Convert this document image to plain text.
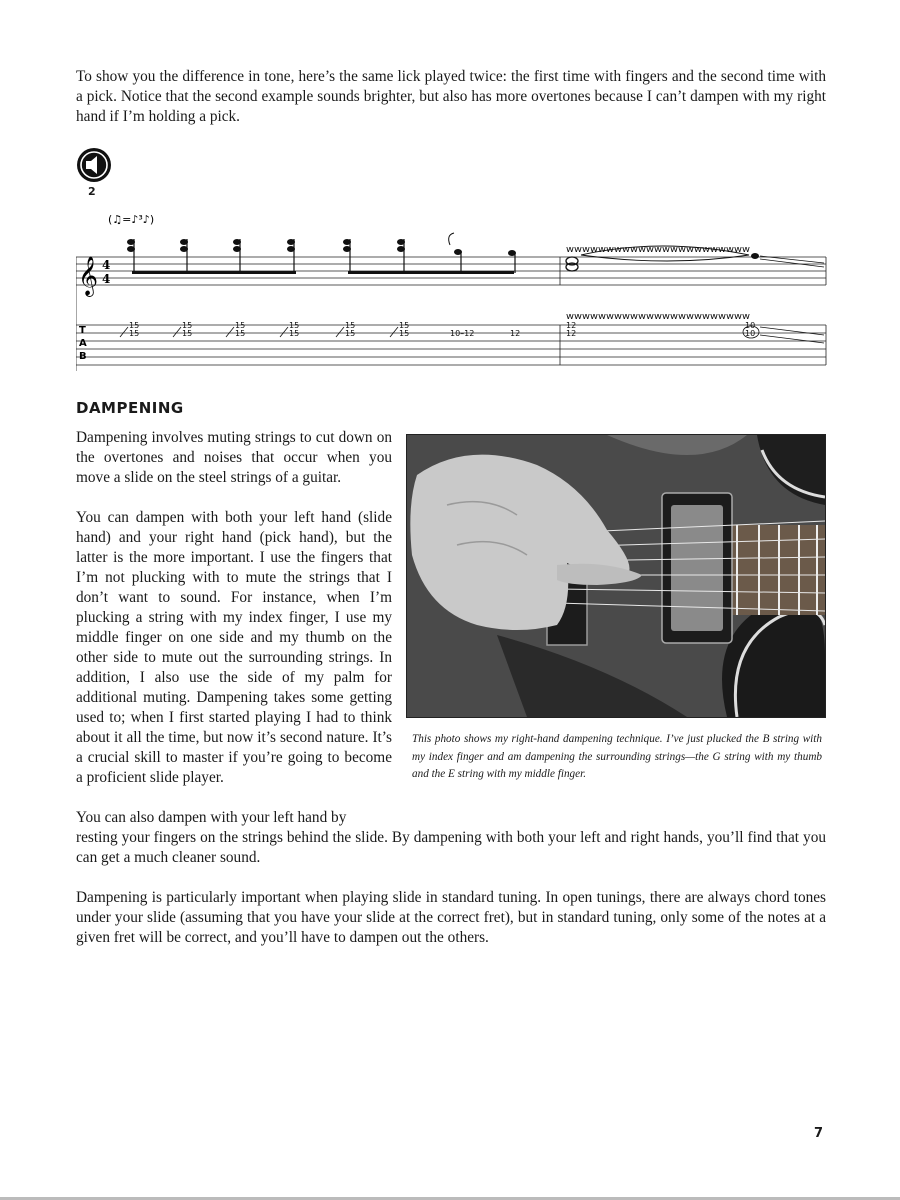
To show you the difference in tone, here’s the same lick played twice: the first time with fingers and the second time with a pick. Notice that the second example sounds brighter, but also has more overtones because I can’t dampen with my right hand if I’m holding a pick.

2
(♫=♪³♪)
𝄞 4
4
wwwwwwwwwwwwwwwwwwwwwww
T
A
B
wwwwwwwwwwwwwwwwwwwwwww
15
15
15
15
15
15
15
15
15
15
15
15	10–12	12
12
12
10
10
DAMPENING

Dampening involves muting strings to cut down on the overtones and noises that occur when you move a slide on the steel strings of a guitar.

You can dampen with both your left hand (slide hand) and your right hand (pick hand), but the latter is the more important. I use the fingers that I’m not plucking with to mute the strings that I don’t want to sound. For instance, when I’m plucking a string with my index finger, I use my middle finger on one side and my thumb on the other side to mute out the surrounding strings. In addition, I also use the side of my palm for additional muting. Dampening takes some getting used to; when I first started playing I had to think about it all the time, but now it’s second nature. It’s a crucial skill to master if you’re going to become a proficient slide player.

You can also dampen with your left hand by

resting your fingers on the strings behind the slide. By dampening with both your left and right hands, you’ll find that you can get a much cleaner sound.

Dampening is particularly important when playing slide in standard tuning. In open tunings, there are always chord tones under your slide (assuming that you have your slide at the correct fret), but in standard tuning, only some of the notes at a given fret will be correct, and you’ll have to dampen out the others.

This photo shows my right-hand dampening technique. I’ve just plucked the B string with my index finger and am dampening the surrounding strings—the G string with my thumb and the E string with my middle finger.

7
